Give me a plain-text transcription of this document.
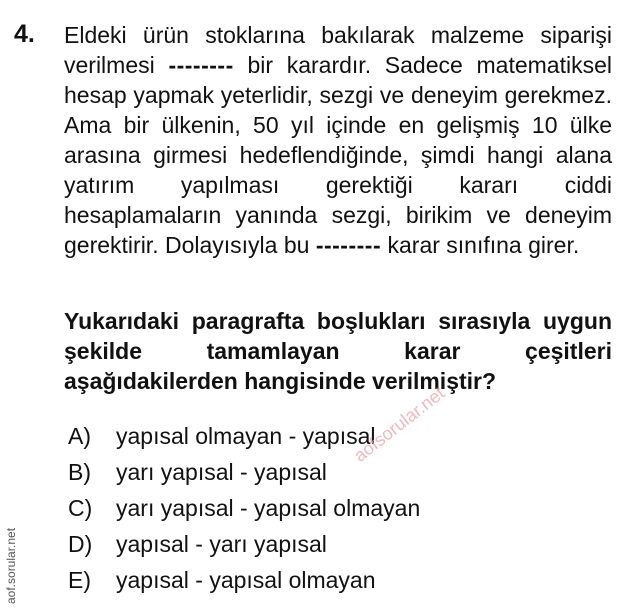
4. Eldeki ürün stoklarına bakılarak malzeme siparişi verilmesi -------- bir karardır. Sadece matematiksel hesap yapmak yeterlidir, sezgi ve deneyim gerekmez. Ama bir ülkenin, 50 yıl içinde en gelişmiş 10 ülke arasına girmesi hedeflendiğinde, şimdi hangi alana yatırım yapılması gerektiği kararı ciddi hesaplamaların yanında sezgi, birikim ve deneyim gerektirir. Dolayısıyla bu -------- karar sınıfına girer.
Yukarıdaki paragrafta boşlukları sırasıyla uygun şekilde tamamlayan karar çeşitleri aşağıdakilerden hangisinde verilmiştir?
A)	yapısal olmayan - yapısal
B)	yarı yapısal - yapısal
C)	yarı yapısal - yapısal olmayan
D)	yapısal - yarı yapısal
E)	yapısal - yapısal olmayan
aofsorular.net
aof.sorular.net
